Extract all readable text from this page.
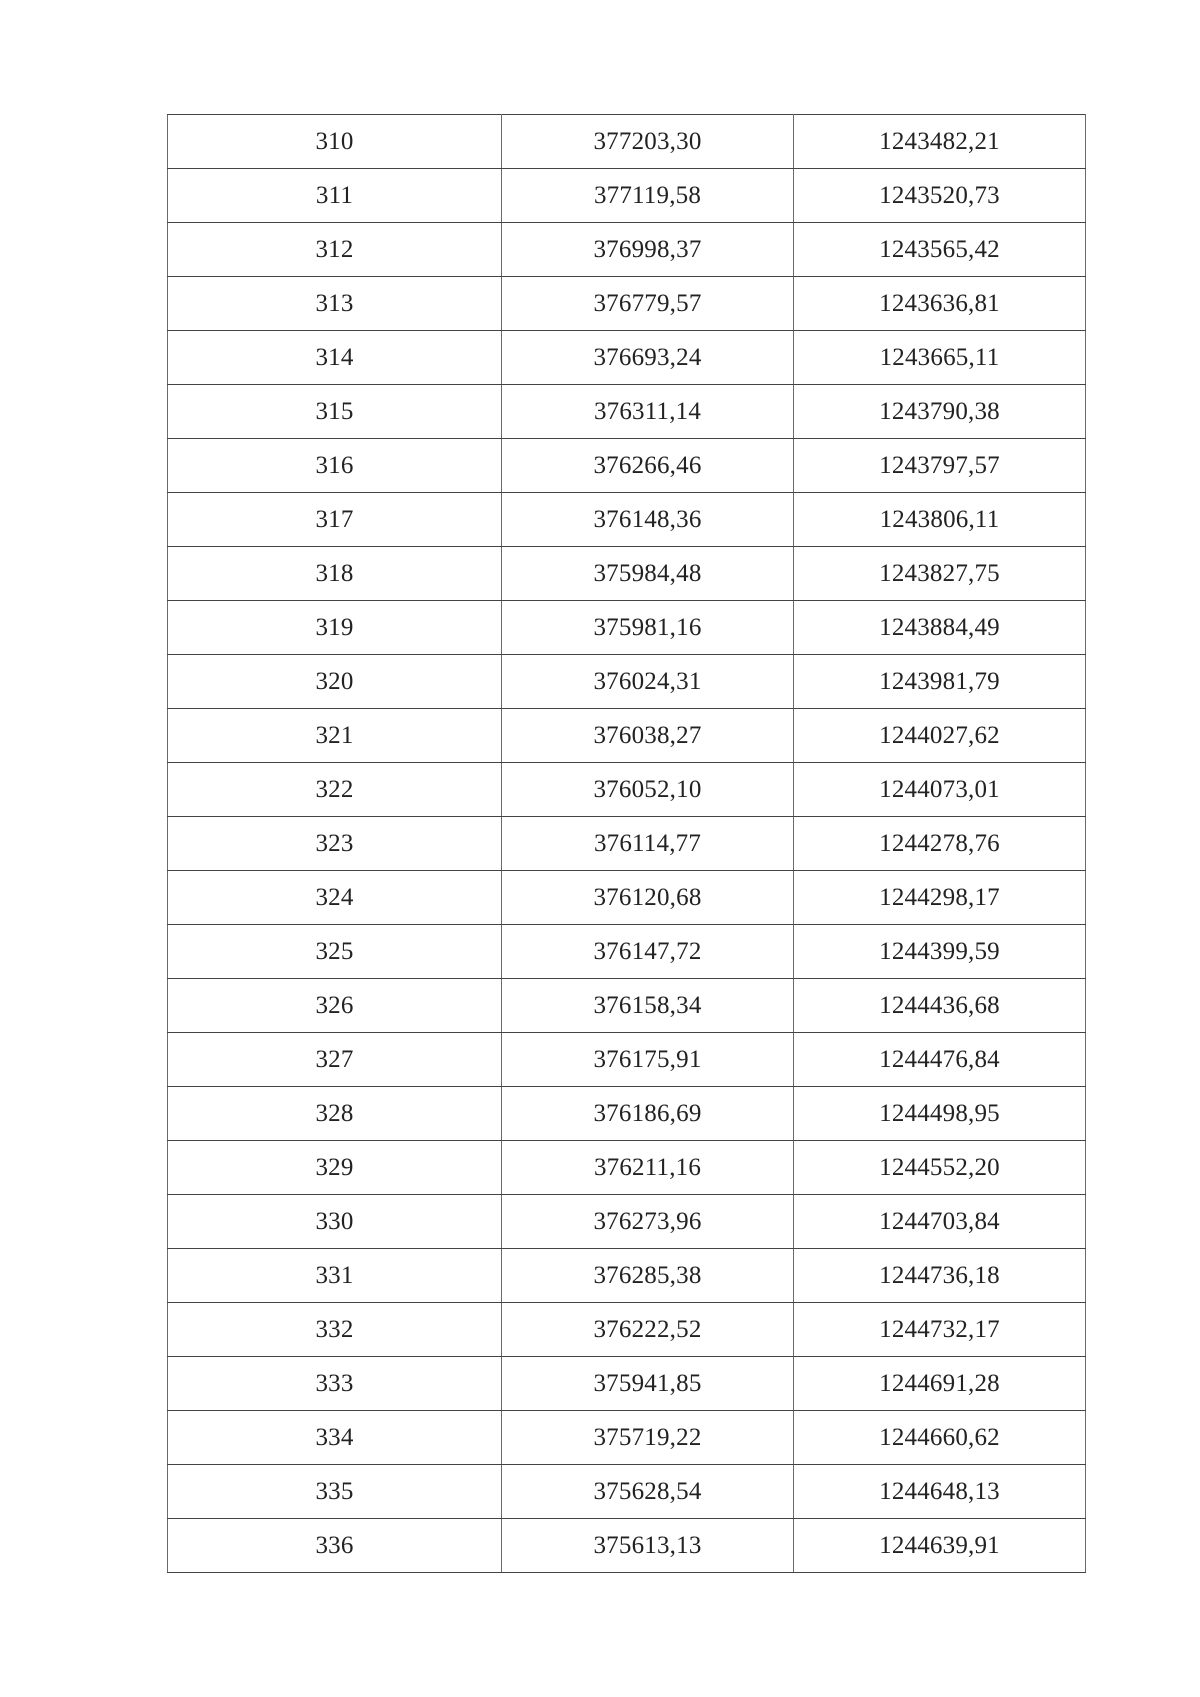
310	377203,30	1243482,21
311	377119,58	1243520,73
312	376998,37	1243565,42
313	376779,57	1243636,81
314	376693,24	1243665,11
315	376311,14	1243790,38
316	376266,46	1243797,57
317	376148,36	1243806,11
318	375984,48	1243827,75
319	375981,16	1243884,49
320	376024,31	1243981,79
321	376038,27	1244027,62
322	376052,10	1244073,01
323	376114,77	1244278,76
324	376120,68	1244298,17
325	376147,72	1244399,59
326	376158,34	1244436,68
327	376175,91	1244476,84
328	376186,69	1244498,95
329	376211,16	1244552,20
330	376273,96	1244703,84
331	376285,38	1244736,18
332	376222,52	1244732,17
333	375941,85	1244691,28
334	375719,22	1244660,62
335	375628,54	1244648,13
336	375613,13	1244639,91
